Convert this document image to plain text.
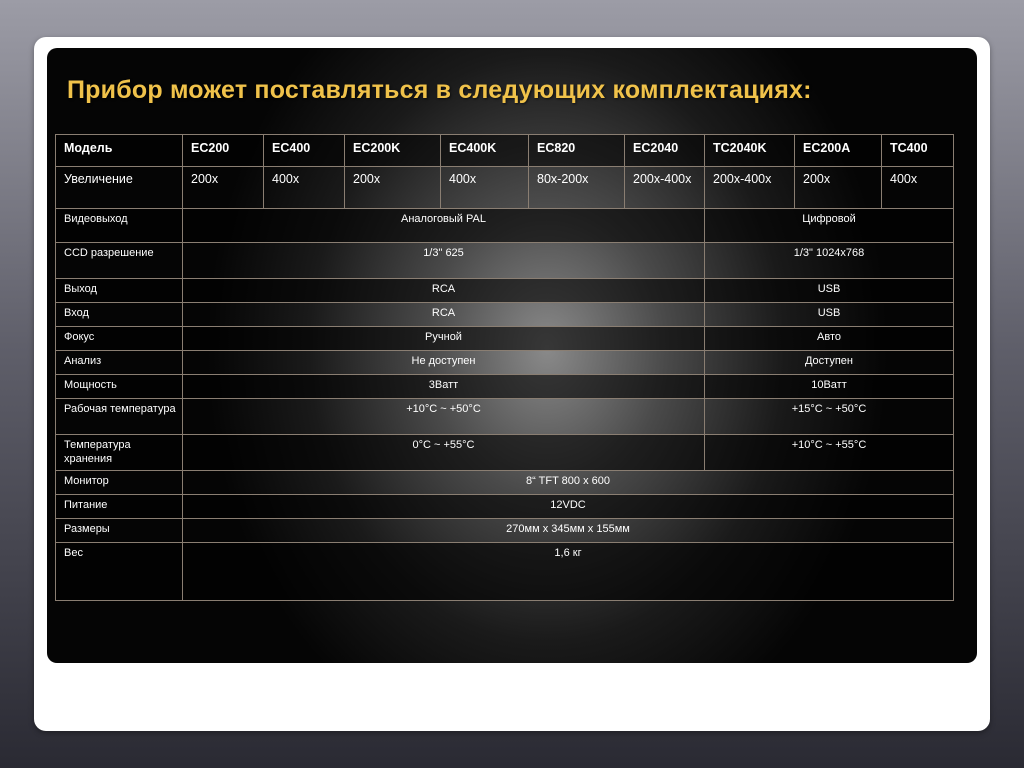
Прибор может поставляться в следующих комплектациях:
Модель	EC200	EC400	EC200K	EC400K	EC820	EC2040	TC2040K	EC200A	TC400
Увеличение	200x	400x	200x	400x	80x-200x	200x-400x	200x-400x	200x	400x
Видеовыход	Аналоговый PAL						Цифровой		
CCD разрешение	1/3" 625						1/3" 1024x768		
Выход	RCA						USB		
Вход	RCA						USB		
Фокус	Ручной						Авто		
Анализ	Не доступен						Доступен		
Мощность	3Ватт						10Ватт		
Рабочая температура	+10°C ~ +50°C						+15°C ~ +50°C		
Температура хранения	0°C ~ +55°C						+10°C ~ +55°C		
Монитор	8“ TFT 800 x 600								
Питание	12VDC								
Размеры	270мм x 345мм x 155мм								
Вес	1,6 кг								
